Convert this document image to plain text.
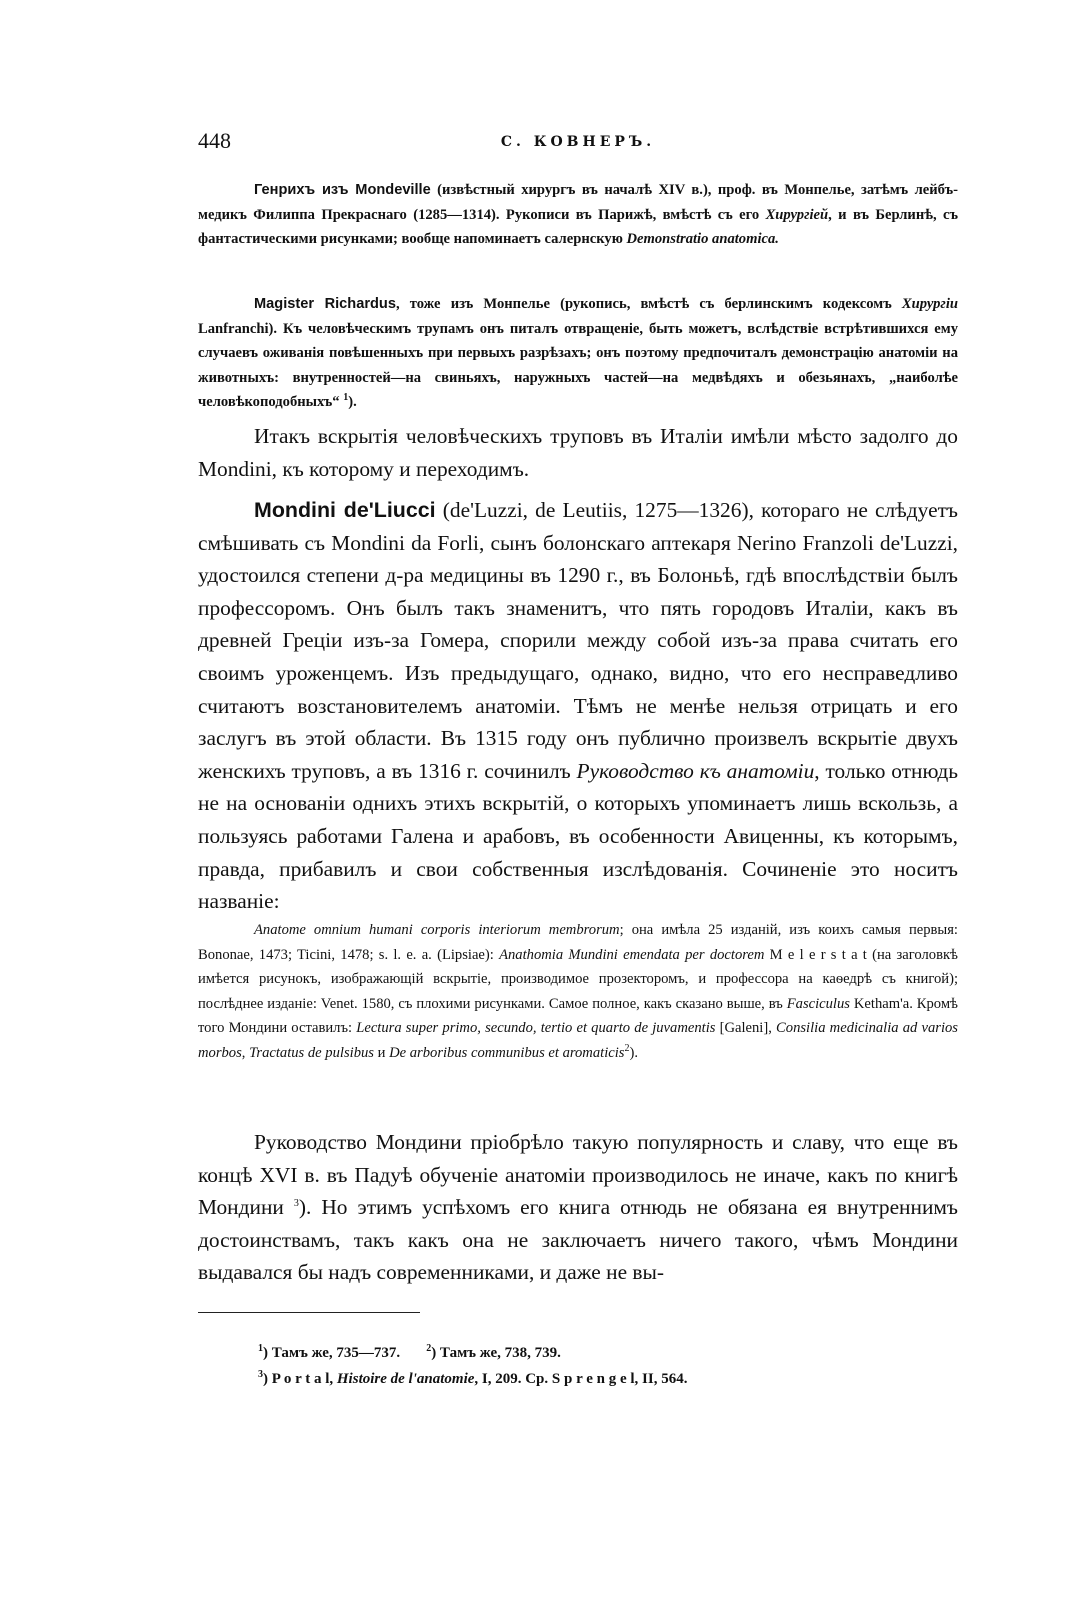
448	С. КОВНЕРЪ.
Генрихъ изъ Mondeville (извѣстный хирургъ въ началѣ XIV в.), проф. въ Монпелье, затѣмъ лейбъ-медикъ Филиппа Прекраснаго (1285—1314). Рукописи въ Парижѣ, вмѣстѣ съ его Хирургіей, и въ Берлинѣ, съ фантастическими рисунками; вообще напоминаетъ салернскую Demonstratio anatomica.
Magister Richardus, тоже изъ Монпелье (рукопись, вмѣстѣ съ берлинскимъ кодексомъ Хирургіи Lanfranchi). Къ человѣческимъ трупамъ онъ питалъ отвращеніе, быть можетъ, вслѣдствіе встрѣтившихся ему случаевъ оживанія повѣшенныхъ при первыхъ разрѣзахъ; онъ поэтому предпочиталъ демонстрацію анатоміи на животныхъ: внутренностей—на свиньяхъ, наружныхъ частей—на медвѣдяхъ и обезьянахъ, „наиболѣе человѣкоподобныхъ“ $^1$).
Итакъ вскрытія человѣческихъ труповъ въ Италіи имѣли мѣсто задолго до Mondini, къ которому и переходимъ.
Mondini de'Liucci (de'Luzzi, de Leutiis, 1275—1326), котораго не слѣдуетъ смѣшивать съ Mondini da Forli, сынъ болонскаго аптекаря Nerino Franzoli de'Luzzi, удостоился степени д-ра медицины въ 1290 г., въ Болоньѣ, гдѣ впослѣдствіи былъ профессоромъ. Онъ былъ такъ знаменитъ, что пять городовъ Италіи, какъ въ древней Греціи изъ-за Гомера, спорили между собой изъ-за права считать его своимъ уроженцемъ. Изъ предыдущаго, однако, видно, что его несправедливо считаютъ возстановителемъ анатоміи. Тѣмъ не менѣе нельзя отрицать и его заслугъ въ этой области. Въ 1315 году онъ публично произвелъ вскрытіе двухъ женскихъ труповъ, а въ 1316 г. сочинилъ Руководство къ анатоміи, только отнюдь не на основаніи однихъ этихъ вскрытій, о которыхъ упоминаетъ лишь вскользь, а пользуясь работами Галена и арабовъ, въ особенности Авиценны, къ которымъ, правда, прибавилъ и свои собственныя изслѣдованія. Сочиненіе это носитъ названіе:
Anatome omnium humani corporis interiorum membrorum; она имѣла 25 изданій, изъ коихъ самыя первыя: Bononae, 1473; Ticini, 1478; s. l. e. a. (Lipsiae): Anathomia Mundini emendata per doctorem M e l e r s t a t (на заголовкѣ имѣется рисунокъ, изображающій вскрытіе, производимое прозекторомъ, и профессора на каѳедрѣ съ книгой); послѣднее изданіе: Venet. 1580, съ плохими рисунками. Самое полное, какъ сказано выше, въ Fasciculus Ketham'a. Кромѣ того Мондини оставилъ: Lectura super primo, secundo, tertio et quarto de juvamentis [Galeni], Consilia medicinalia ad varios morbos, Tractatus de pulsibus и De arboribus communibus et aromaticis$^2$).
Руководство Мондини пріобрѣло такую популярность и славу, что еще въ концѣ XVI в. въ Падуѣ обученіе анатоміи производилось не иначе, какъ по книгѣ Мондини $^3$). Но этимъ успѣхомъ его книга отнюдь не обязана ея внутреннимъ достоинствамъ, такъ какъ она не заключаетъ ничего такого, чѣмъ Мондини выдавался бы надъ современниками, и даже не вы-
$^1$) Тамъ же, 735—737.	$^2$) Тамъ же, 738, 739.
$^3$) P o r t a l, Histoire de l'anatomie, I, 209. Ср. S p r e n g e l, II, 564.
